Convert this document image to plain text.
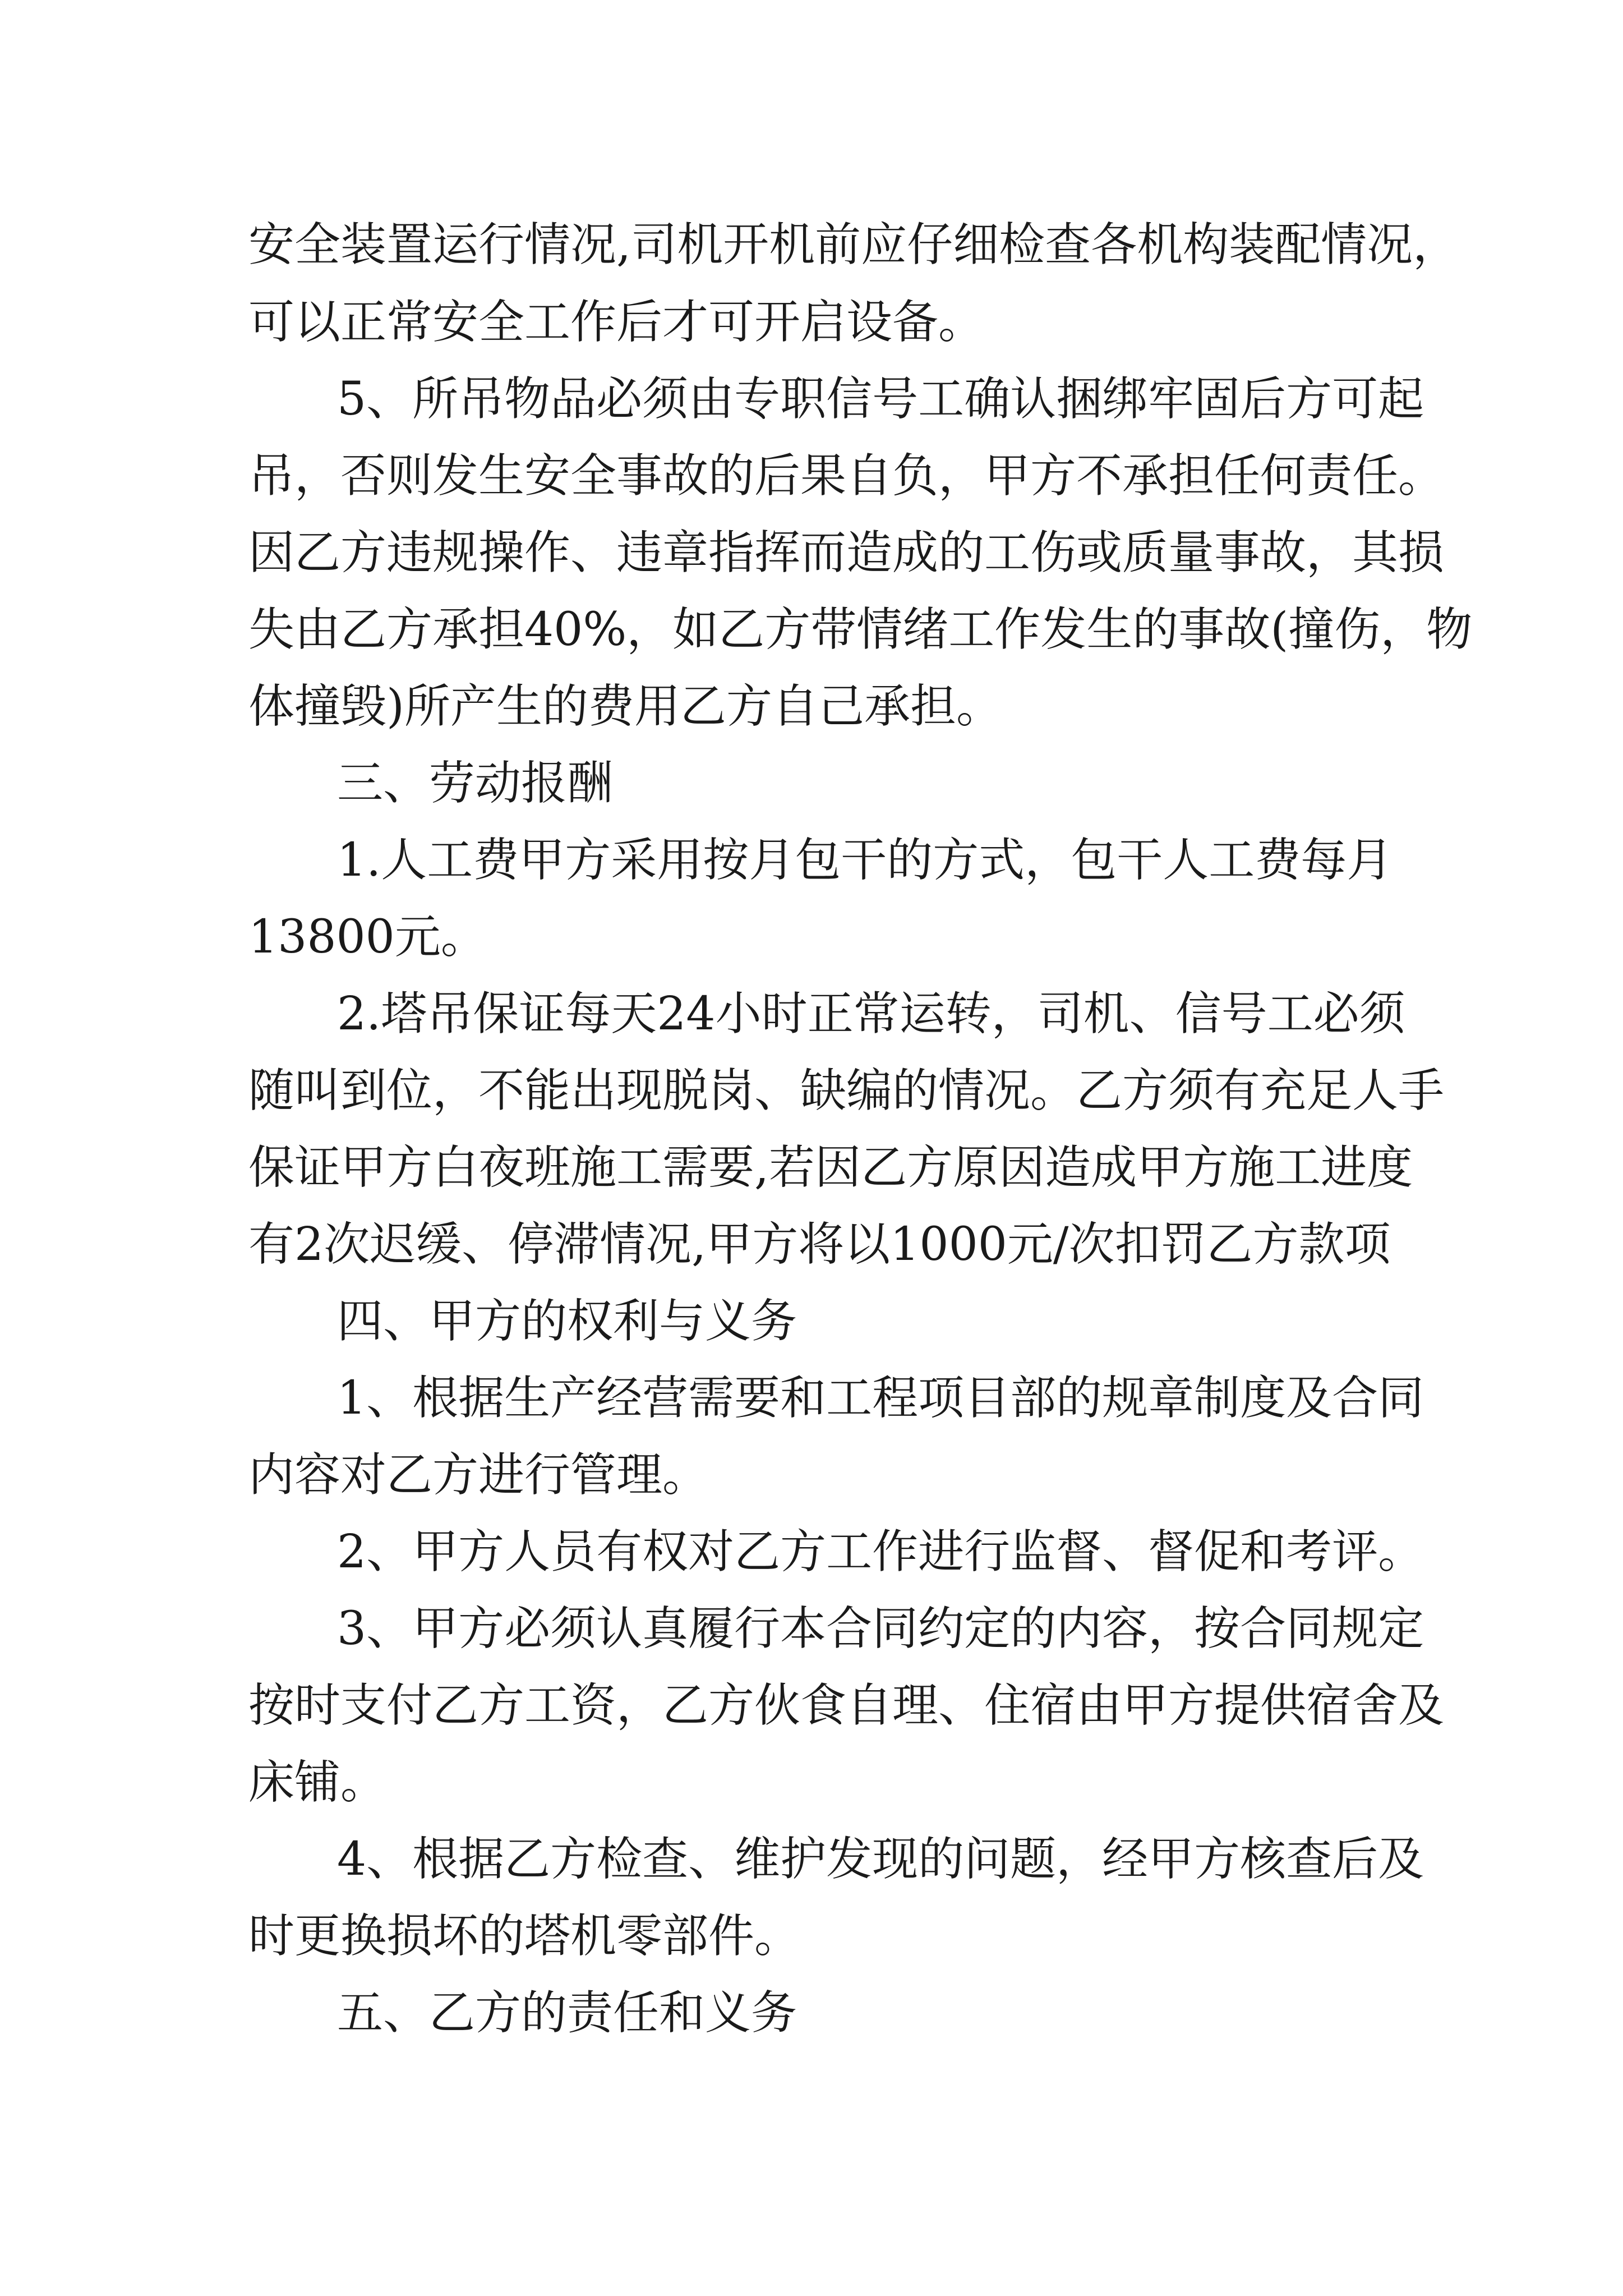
安全装置运行情况,司机开机前应仔细检查各机构装配情况，

可以正常安全工作后才可开启设备。

5、所吊物品必须由专职信号工确认捆绑牢固后方可起

吊，否则发生安全事故的后果自负，甲方不承担任何责任。

因乙方违规操作、违章指挥而造成的工伤或质量事故，其损

失由乙方承担40%，如乙方带情绪工作发生的事故(撞伤，物

体撞毁)所产生的费用乙方自己承担。

三、劳动报酬

1.人工费甲方采用按月包干的方式，包干人工费每月

13800元。

2.塔吊保证每天24小时正常运转，司机、信号工必须

随叫到位，不能出现脱岗、缺编的情况。乙方须有充足人手

保证甲方白夜班施工需要,若因乙方原因造成甲方施工进度

有2次迟缓、停滞情况,甲方将以1000元/次扣罚乙方款项

四、甲方的权利与义务

1、根据生产经营需要和工程项目部的规章制度及合同

内容对乙方进行管理。

2、甲方人员有权对乙方工作进行监督、督促和考评。

3、甲方必须认真履行本合同约定的内容，按合同规定

按时支付乙方工资，乙方伙食自理、住宿由甲方提供宿舍及

床铺。

4、根据乙方检查、维护发现的问题，经甲方核查后及

时更换损坏的塔机零部件。

五、乙方的责任和义务
